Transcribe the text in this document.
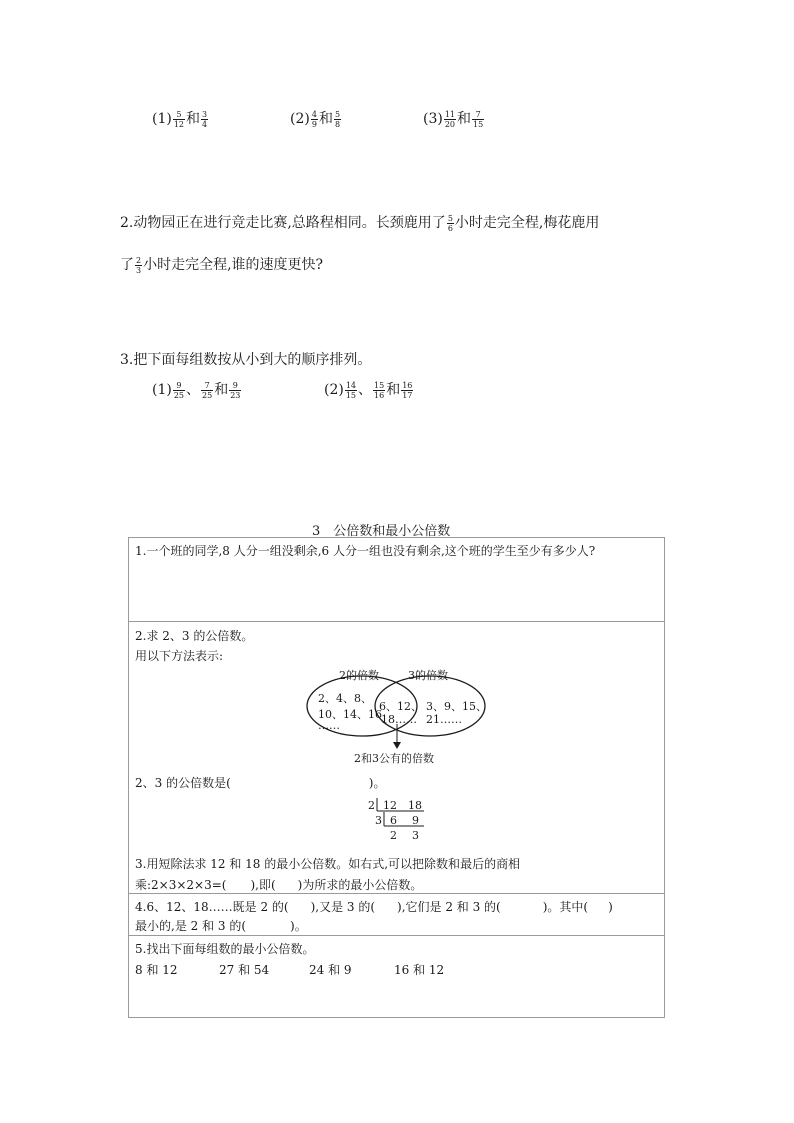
$(1) \frac{5}{12}$ 和 $\frac{3}{4}$	$(2) \frac{4}{9}$ 和 $\frac{5}{8}$	$(3) \frac{11}{20}$ 和 $\frac{7}{15}$
2.动物园正在进行竞走比赛,总路程相同。长颈鹿用了 $\frac{5}{6}$ 小时走完全程,梅花鹿用
了 $\frac{2}{3}$ 小时走完全程,谁的速度更快?
3.把下面每组数按从小到大的顺序排列。
$(1) \frac{9}{25}$ 、 $\frac{7}{25}$ 和 $\frac{9}{23}$	$(2) \frac{14}{15}$ 、 $\frac{15}{16}$ 和 $\frac{16}{17}$
3　公倍数和最小公倍数
1.一个班的同学,8 人分一组没剩余,6 人分一组也没有剩余,这个班的学生至少有多少人?
2.求 2、3 的公倍数。
用以下方法表示:
2的倍数	3的倍数
2、4、8、
10、14、16
……
6、12、
18……
3、9、15、
21……
2和3公有的倍数
2、3 的公倍数是(	)。
2 12 18
3 6 9
2 3
3.用短除法求 12 和 18 的最小公倍数。如右式,可以把除数和最后的商相
乘:2×3×2×3=( ),即( )为所求的最小公倍数。
4.6、12、18……既是 2 的( ),又是 3 的( ),它们是 2 和 3 的(	)。其中( )
最小的,是 2 和 3 的(	)。
5.找出下面每组数的最小公倍数。
8 和 12	27 和 54	24 和 9	16 和 12
